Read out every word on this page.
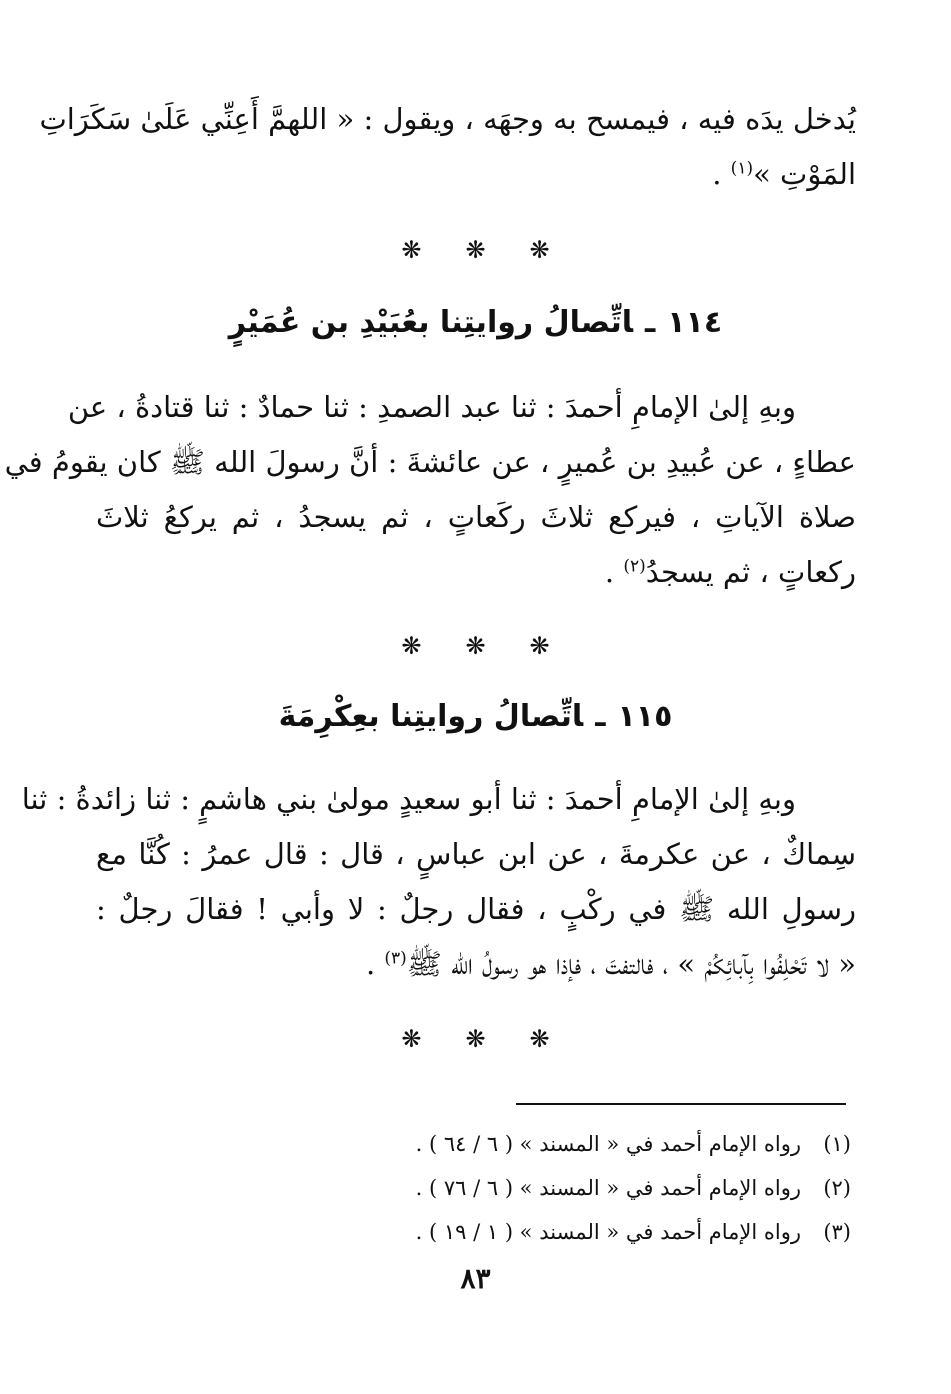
يُدخل يدَه فيه ، فيمسح به وجهَه ، ويقول : « اللهمَّ أَعِنِّي عَلَىٰ سَكَرَاتِ
المَوْتِ »$^{(١)}$ .
❋ ❋ ❋
١١٤ـاتِّصالُ روايتِنا بعُبَيْدِ بن عُمَيْرٍ
وبهِ إلىٰ الإمامِ أحمدَ : ثنا عبد الصمدِ : ثنا حمادٌ : ثنا قتادةُ ، عن
عطاءٍ ، عن عُبيدِ بن عُميرٍ ، عن عائشةَ : أنَّ رسولَ الله ﷺ كان يقومُ في
صلاة الآياتِ ، فيركع ثلاثَ ركَعاتٍ ، ثم يسجدُ ، ثم يركعُ ثلاثَ
ركعاتٍ ، ثم يسجدُ$^{(٢)}$ .
❋ ❋ ❋
١١٥ـاتِّصالُ روايتِنا بعِكْرِمَةَ
وبهِ إلىٰ الإمامِ أحمدَ : ثنا أبو سعيدٍ مولىٰ بني هاشمٍ : ثنا زائدةُ : ثنا
سِماكٌ ، عن عكرمةَ ، عن ابن عباسٍ ، قال : قال عمرُ : كُنَّا مع
رسولِ الله ﷺ في ركْبٍ ، فقال رجلٌ : لا وأبي ! فقالَ رجلٌ :
« لا تَحْلِفُوا بِآبائِكُمْ » ، فالتفتَ ، فإذا هو رسولُ الله ﷺ$^{(٣)}$ .
❋ ❋ ❋
(١)رواه الإمام أحمد في « المسند » ( ٦ / ٦٤ ) .
(٢)رواه الإمام أحمد في « المسند » ( ٦ / ٧٦ ) .
(٣)رواه الإمام أحمد في « المسند » ( ١ / ١٩ ) .
٨٣
